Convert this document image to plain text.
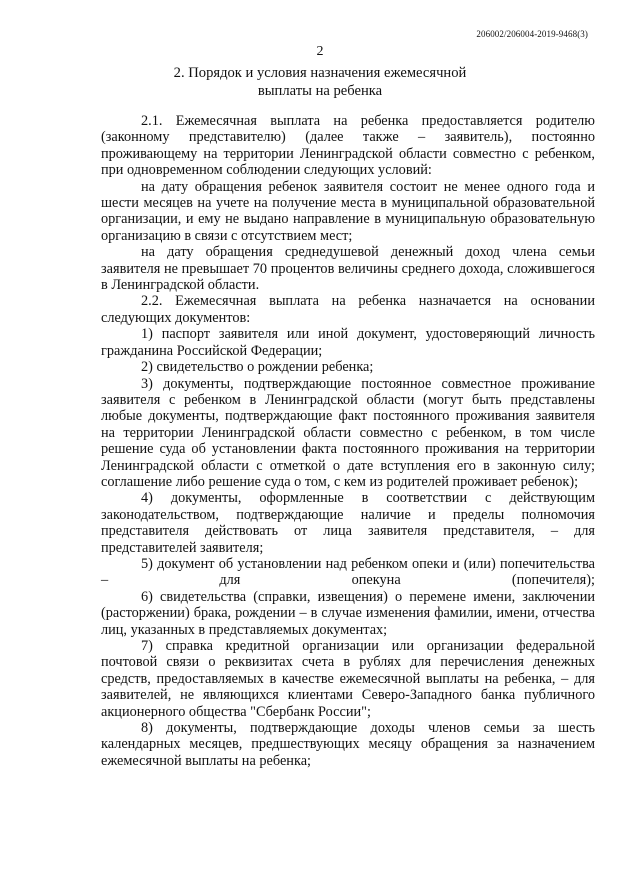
206002/206004-2019-9468(3)
2
2. Порядок и условия назначения ежемесячной
выплаты на ребенка

2.1. Ежемесячная выплата на ребенка предоставляется родителю (законному представителю) (далее также – заявитель), постоянно проживающему на территории Ленинградской области совместно с ребенком, при одновременном соблюдении следующих условий:

на дату обращения ребенок заявителя состоит не менее одного года и шести месяцев на учете на получение места в муниципальной образовательной организации, и ему не выдано направление в муниципальную образовательную организацию в связи с отсутствием мест;

на дату обращения среднедушевой денежный доход члена семьи заявителя не превышает 70 процентов величины среднего дохода, сложившегося в Ленинградской области.

2.2. Ежемесячная выплата на ребенка назначается на основании следующих документов:

1) паспорт заявителя или иной документ, удостоверяющий личность гражданина Российской Федерации;

2) свидетельство о рождении ребенка;

3) документы, подтверждающие постоянное совместное проживание заявителя с ребенком в Ленинградской области (могут быть представлены любые документы, подтверждающие факт постоянного проживания заявителя на территории Ленинградской области совместно с ребенком, в том числе решение суда об установлении факта постоянного проживания на территории Ленинградской области с отметкой о дате вступления его в законную силу; соглашение либо решение суда о том, с кем из родителей проживает ребенок);

4) документы, оформленные в соответствии с действующим законодательством, подтверждающие наличие и пределы полномочия представителя действовать от лица заявителя представителя, – для представителей заявителя;

5) документ об установлении над ребенком опеки и (или) попечительства – для опекуна (попечителя);

6) свидетельства (справки, извещения) о перемене имени, заключении (расторжении) брака, рождении – в случае изменения фамилии, имени, отчества лиц, указанных в представляемых документах;

7) справка кредитной организации или организации федеральной почтовой связи о реквизитах счета в рублях для перечисления денежных средств, предоставляемых в качестве ежемесячной выплаты на ребенка, – для заявителей, не являющихся клиентами Северо-Западного банка публичного акционерного общества "Сбербанк России";

8) документы, подтверждающие доходы членов семьи за шесть календарных месяцев, предшествующих месяцу обращения за назначением ежемесячной выплаты на ребенка;
